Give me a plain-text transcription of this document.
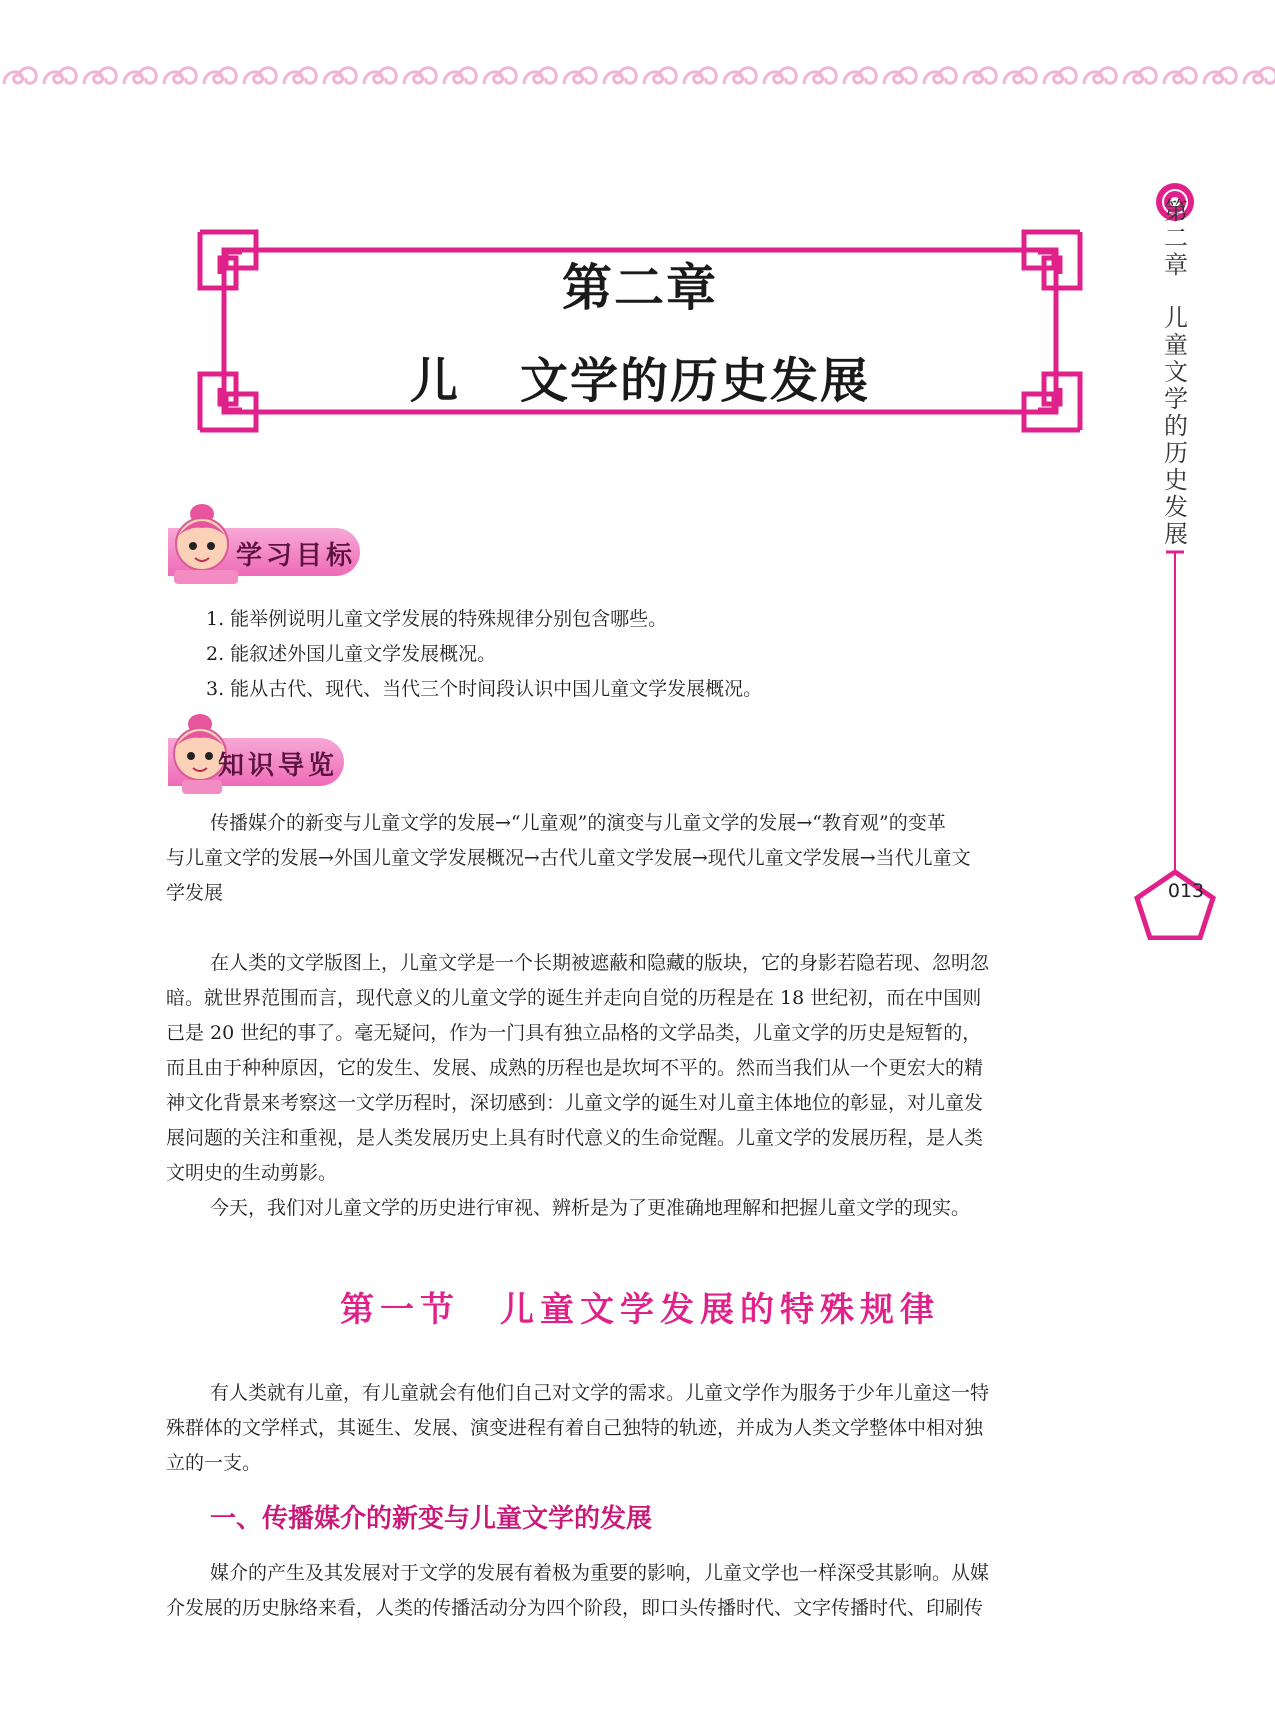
第二章
儿 文学的历史发展
第
二
章
儿
童
文
学
的
历
史
发
展
013
学习目标
1. 能举例说明儿童文学发展的特殊规律分别包含哪些。
2. 能叙述外国儿童文学发展概况。
3. 能从古代、现代、当代三个时间段认识中国儿童文学发展概况。
知识导览
传播媒介的新变与儿童文学的发展→“儿童观”的演变与儿童文学的发展→“教育观”的变革
与儿童文学的发展→外国儿童文学发展概况→古代儿童文学发展→现代儿童文学发展→当代儿童文
学发展
在人类的文学版图上，儿童文学是一个长期被遮蔽和隐藏的版块，它的身影若隐若现、忽明忽
暗。就世界范围而言，现代意义的儿童文学的诞生并走向自觉的历程是在 18 世纪初，而在中国则
已是 20 世纪的事了。毫无疑问，作为一门具有独立品格的文学品类，儿童文学的历史是短暂的，
而且由于种种原因，它的发生、发展、成熟的历程也是坎坷不平的。然而当我们从一个更宏大的精
神文化背景来考察这一文学历程时，深切感到：儿童文学的诞生对儿童主体地位的彰显，对儿童发
展问题的关注和重视，是人类发展历史上具有时代意义的生命觉醒。儿童文学的发展历程，是人类
文明史的生动剪影。
今天，我们对儿童文学的历史进行审视、辨析是为了更准确地理解和把握儿童文学的现实。
第一节　儿童文学发展的特殊规律
有人类就有儿童，有儿童就会有他们自己对文学的需求。儿童文学作为服务于少年儿童这一特
殊群体的文学样式，其诞生、发展、演变进程有着自己独特的轨迹，并成为人类文学整体中相对独
立的一支。
一、传播媒介的新变与儿童文学的发展
媒介的产生及其发展对于文学的发展有着极为重要的影响，儿童文学也一样深受其影响。从媒
介发展的历史脉络来看，人类的传播活动分为四个阶段，即口头传播时代、文字传播时代、印刷传
